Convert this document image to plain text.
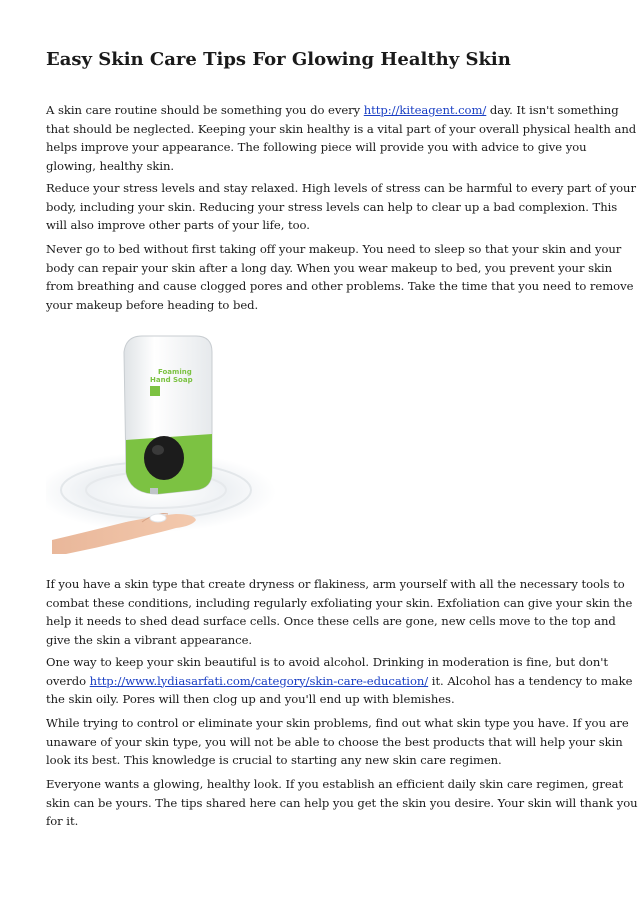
Easy Skin Care Tips For Glowing Healthy Skin
A skin care routine should be something you do every http://kiteagent.com/ day. It isn't something
that should be neglected. Keeping your skin healthy is a vital part of your overall physical health and
helps improve your appearance. The following piece will provide you with advice to give you
glowing, healthy skin.
Reduce your stress levels and stay relaxed. High levels of stress can be harmful to every part of your
body, including your skin. Reducing your stress levels can help to clear up a bad complexion. This
will also improve other parts of your life, too.
Never go to bed without first taking off your makeup. You need to sleep so that your skin and your
body can repair your skin after a long day. When you wear makeup to bed, you prevent your skin
from breathing and cause clogged pores and other problems. Take the time that you need to remove
your makeup before heading to bed.
Foaming
Hand Soap
If you have a skin type that create dryness or flakiness, arm yourself with all the necessary tools to
combat these conditions, including regularly exfoliating your skin. Exfoliation can give your skin the
help it needs to shed dead surface cells. Once these cells are gone, new cells move to the top and
give the skin a vibrant appearance.
One way to keep your skin beautiful is to avoid alcohol. Drinking in moderation is fine, but don't
overdo http://www.lydiasarfati.com/category/skin-care-education/ it. Alcohol has a tendency to make
the skin oily. Pores will then clog up and you'll end up with blemishes.
While trying to control or eliminate your skin problems, find out what skin type you have. If you are
unaware of your skin type, you will not be able to choose the best products that will help your skin
look its best. This knowledge is crucial to starting any new skin care regimen.
Everyone wants a glowing, healthy look. If you establish an efficient daily skin care regimen, great
skin can be yours. The tips shared here can help you get the skin you desire. Your skin will thank you
for it.
